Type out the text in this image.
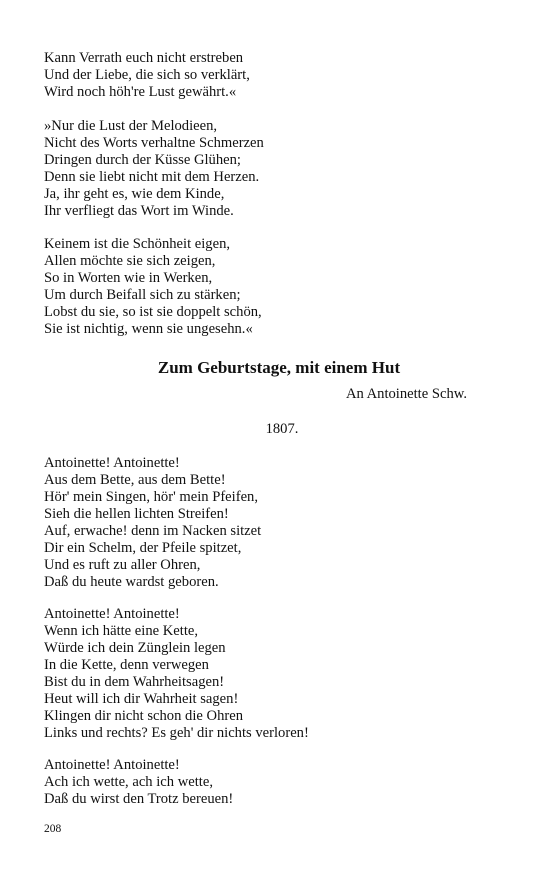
Kann Verrath euch nicht erstreben
Und der Liebe, die sich so verklärt,
Wird noch höh're Lust gewährt.«
»Nur die Lust der Melodieen,
Nicht des Worts verhaltne Schmerzen
Dringen durch der Küsse Glühen;
Denn sie liebt nicht mit dem Herzen.
Ja, ihr geht es, wie dem Kinde,
Ihr verfliegt das Wort im Winde.
Keinem ist die Schönheit eigen,
Allen möchte sie sich zeigen,
So in Worten wie in Werken,
Um durch Beifall sich zu stärken;
Lobst du sie, so ist sie doppelt schön,
Sie ist nichtig, wenn sie ungesehn.«
Zum Geburtstage, mit einem Hut
An Antoinette Schw.
1807.
Antoinette! Antoinette!
Aus dem Bette, aus dem Bette!
Hör' mein Singen, hör' mein Pfeifen,
Sieh die hellen lichten Streifen!
Auf, erwache! denn im Nacken sitzet
Dir ein Schelm, der Pfeile spitzet,
Und es ruft zu aller Ohren,
Daß du heute wardst geboren.
Antoinette! Antoinette!
Wenn ich hätte eine Kette,
Würde ich dein Zünglein legen
In die Kette, denn verwegen
Bist du in dem Wahrheitsagen!
Heut will ich dir Wahrheit sagen!
Klingen dir nicht schon die Ohren
Links und rechts? Es geh' dir nichts verloren!
Antoinette! Antoinette!
Ach ich wette, ach ich wette,
Daß du wirst den Trotz bereuen!
208
